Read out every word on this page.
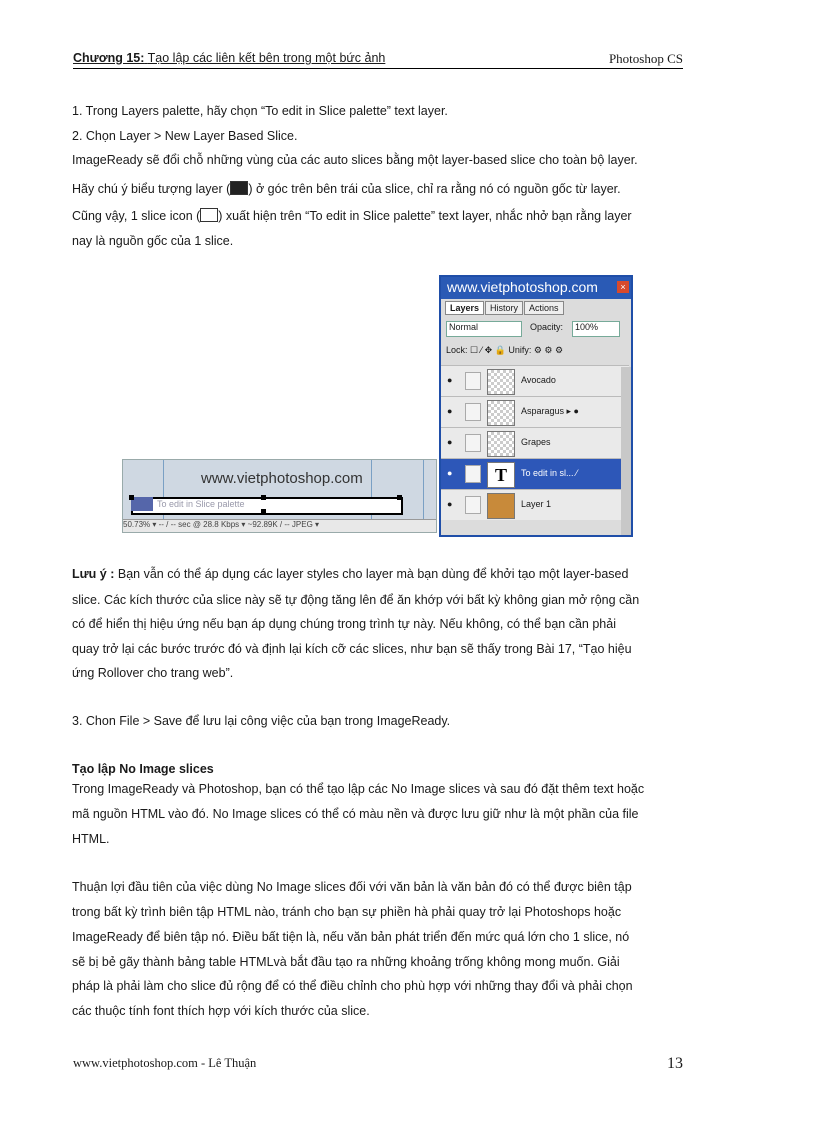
Chương 15: Tạo lập các liên kết bên trong một bức ảnh	Photoshop CS
1. Trong Layers palette, hãy chọn “To edit in Slice palette” text layer.
2. Chọn Layer > New Layer Based Slice.
ImageReady sẽ đổi chỗ những vùng của các auto slices bằng một layer-based slice cho toàn bộ layer.
Hãy chú ý biểu tượng layer ( ) ở góc trên bên trái của slice, chỉ ra rằng nó có nguồn gốc từ layer.
Cũng vậy, 1 slice icon ( ) xuất hiện trên “To edit in Slice palette” text layer, nhắc nhở bạn rằng layer
nay là nguồn gốc của 1 slice.
www.vietphotoshop.com
To edit in Slice palette
50.73% ▾ -- / -- sec @ 28.8 Kbps ▾ ~92.89K / -- JPEG ▾
www.vietphotoshop.com	×
Layers History Actions
Normal	Opacity:	100%
Lock: ☐ ⁄ ✥ 🔒 Unify: ⚙ ⚙ ⚙
●	Avocado
●	Asparagus ▸ ●
●	Grapes
●	T	To edit in sl... ⁄
●	Layer 1
Lưu ý : Bạn vẫn có thể áp dụng các layer styles cho layer mà bạn dùng để khởi tạo một layer-based
slice. Các kích thước của slice này sẽ tự động tăng lên để ăn khớp với bất kỳ không gian mở rộng cần
có để hiển thị hiệu ứng nếu bạn áp dụng chúng trong trình tự này. Nếu không, có thể bạn cần phải
quay trở lại các bước trước đó và định lại kích cỡ các slices, như bạn sẽ thấy trong Bài 17, “Tạo hiệu
ứng Rollover cho trang web”.
3. Chon File > Save để lưu lại công việc của bạn trong ImageReady.
Tạo lập No Image slices
Trong ImageReady và Photoshop, bạn có thể tạo lập các No Image slices và sau đó đặt thêm text hoặc
mã nguồn HTML vào đó. No Image slices có thể có màu nền và được lưu giữ như là một phần của file
HTML.
Thuận lợi đầu tiên của việc dùng No Image slices đối với văn bản là văn bản đó có thể được biên tập
trong bất kỳ trình biên tập HTML nào, tránh cho bạn sự phiền hà phải quay trở lại Photoshops hoặc
ImageReady để biên tập nó. Điều bất tiện là, nếu văn bản phát triển đến mức quá lớn cho 1 slice, nó
sẽ bị bẻ gãy thành bảng table HTMLvà bắt đầu tạo ra những khoảng trống không mong muốn. Giải
pháp là phải làm cho slice đủ rộng để có thể điều chỉnh cho phù hợp với những thay đổi và phải chọn
các thuộc tính font thích hợp với kích thước của slice.
www.vietphotoshop.com - Lê Thuận	13
